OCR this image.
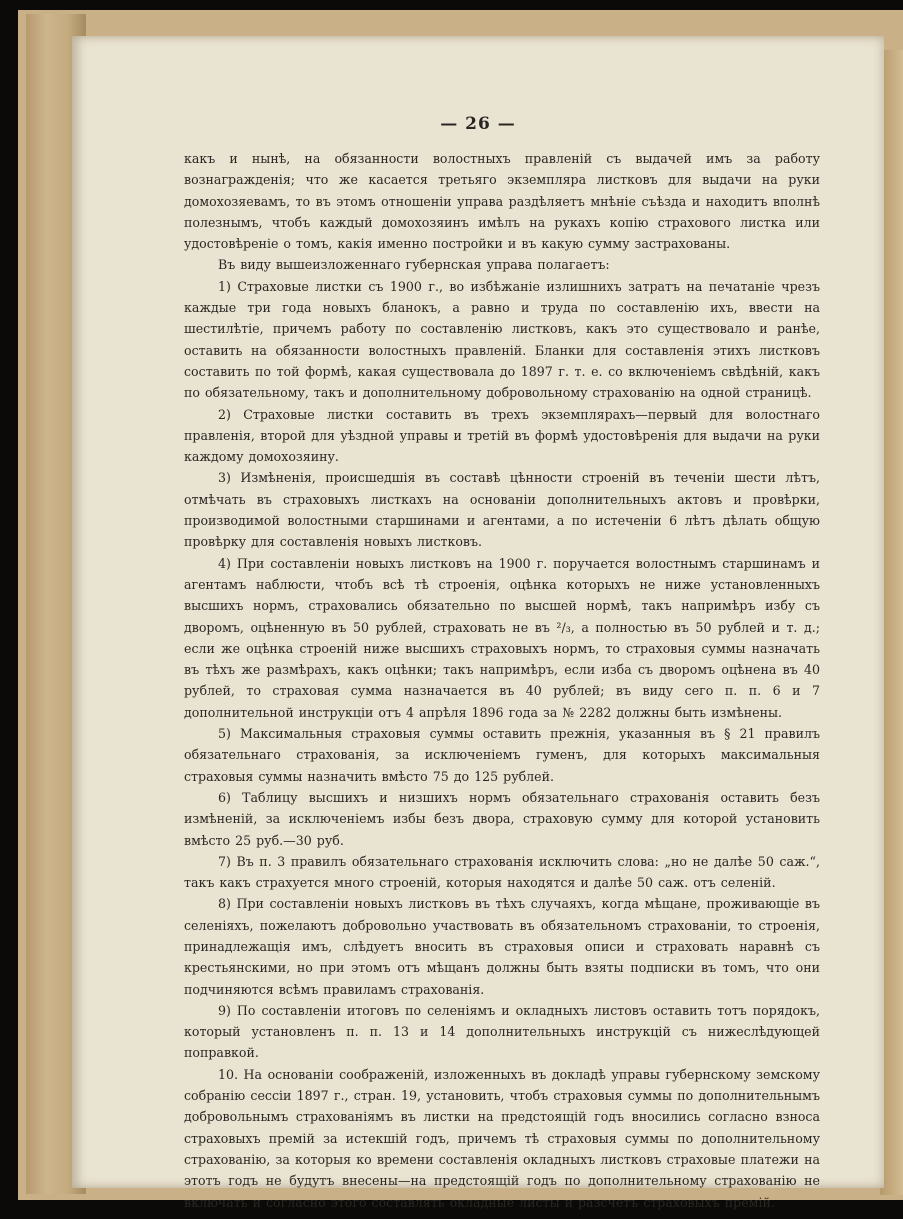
— 26 —

какъ и нынѣ, на обязанности волостныхъ правленій съ выдачей имъ за работу вознагражденія; что же касается третьяго экземпляра листковъ для выдачи на руки домохозяевамъ, то въ этомъ отношеніи управа раздѣляетъ мнѣніе съѣзда и находитъ вполнѣ полезнымъ, чтобъ каждый домохозяинъ имѣлъ на рукахъ копію страхового листка или удостовѣреніе о томъ, какія именно постройки и въ какую сумму застрахованы.

Въ виду вышеизложеннаго губернская управа полагаетъ:

1) Страховые листки съ 1900 г., во избѣжаніе излишнихъ затратъ на печатаніе чрезъ каждые три года новыхъ бланокъ, а равно и труда по составленію ихъ, ввести на шестилѣтіе, причемъ работу по составленію листковъ, какъ это существовало и ранѣе, оставить на обязанности волостныхъ правленій. Бланки для составленія этихъ листковъ составить по той формѣ, какая существовала до 1897 г. т. е. со включеніемъ свѣдѣній, какъ по обязательному, такъ и дополнительному добровольному страхованію на одной страницѣ.

2) Страховые листки составить въ трехъ экземплярахъ—первый для волостнаго правленія, второй для уѣздной управы и третій въ формѣ удостовѣренія для выдачи на руки каждому домохозяину.

3) Измѣненія, происшедшія въ составѣ цѣнности строеній въ теченіи шести лѣтъ, отмѣчать въ страховыхъ листкахъ на основаніи дополнительныхъ актовъ и провѣрки, производимой волостными старшинами и агентами, а по истеченіи 6 лѣтъ дѣлать общую провѣрку для составленія новыхъ листковъ.

4) При составленіи новыхъ листковъ на 1900 г. поручается волостнымъ старшинамъ и агентамъ наблюсти, чтобъ всѣ тѣ строенія, оцѣнка которыхъ не ниже установленныхъ высшихъ нормъ, страховались обязательно по высшей нормѣ, такъ напримѣръ избу съ дворомъ, оцѣненную въ 50 рублей, страховать не въ ²/₃, а полностью въ 50 рублей и т. д.; если же оцѣнка строеній ниже высшихъ страховыхъ нормъ, то страховыя суммы назначать въ тѣхъ же размѣрахъ, какъ оцѣнки; такъ напримѣръ, если изба съ дворомъ оцѣнена въ 40 рублей, то страховая сумма назначается въ 40 рублей; въ виду сего п. п. 6 и 7 дополнительной инструкціи отъ 4 апрѣля 1896 года за № 2282 должны быть измѣнены.

5) Максимальныя страховыя суммы оставить прежнія, указанныя въ § 21 правилъ обязательнаго страхованія, за исключеніемъ гуменъ, для которыхъ максимальныя страховыя суммы назначить вмѣсто 75 до 125 рублей.

6) Таблицу высшихъ и низшихъ нормъ обязательнаго страхованія оставить безъ измѣненій, за исключеніемъ избы безъ двора, страховую сумму для которой установить вмѣсто 25 руб.—30 руб.

7) Въ п. 3 правилъ обязательнаго страхованія исключить слова: „но не далѣе 50 саж.“, такъ какъ страхуется много строеній, которыя находятся и далѣе 50 саж. отъ селеній.

8) При составленіи новыхъ листковъ въ тѣхъ случаяхъ, когда мѣщане, проживающіе въ селеніяхъ, пожелаютъ добровольно участвовать въ обязательномъ страхованіи, то строенія, принадлежащія имъ, слѣдуетъ вносить въ страховыя описи и страховать наравнѣ съ крестьянскими, но при этомъ отъ мѣщанъ должны быть взяты подписки въ томъ, что они подчиняются всѣмъ правиламъ страхованія.

9) По составленіи итоговъ по селеніямъ и окладныхъ листовъ оставить тотъ порядокъ, который установленъ п. п. 13 и 14 дополнительныхъ инструкцій съ нижеслѣдующей поправкой.

10. На основаніи соображеній, изложенныхъ въ докладѣ управы губернскому земскому собранію сессіи 1897 г., стран. 19, установить, чтобъ страховыя суммы по дополнительнымъ добровольнымъ страхованіямъ въ листки на предстоящій годъ вносились согласно взноса страховыхъ премій за истекшій годъ, причемъ тѣ страховыя суммы по дополнительному страхованію, за которыя ко времени составленія окладныхъ листковъ страховые платежи на этотъ годъ не будутъ внесены—на предстоящій годъ по дополнительному страхованію не включать и согласно этого составлять окладные листы и разсчетъ страховыхъ премій.
